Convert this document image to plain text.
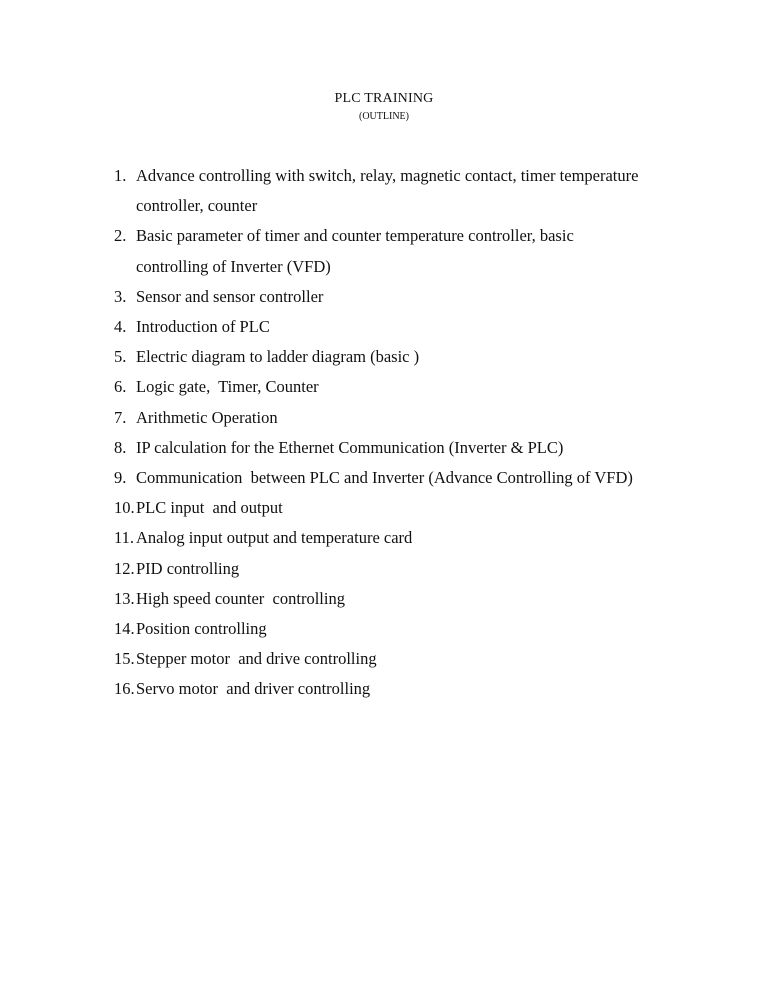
PLC TRAINING
(OUTLINE)
1. Advance controlling with switch, relay, magnetic contact, timer temperature
controller, counter
2. Basic parameter of timer and counter temperature controller, basic
controlling of Inverter (VFD)
3. Sensor and sensor controller
4. Introduction of PLC
5. Electric diagram to ladder diagram (basic )
6. Logic gate,  Timer, Counter
7. Arithmetic Operation
8. IP calculation for the Ethernet Communication (Inverter & PLC)
9. Communication  between PLC and Inverter (Advance Controlling of VFD)
10. PLC input  and output
11. Analog input output and temperature card
12. PID controlling
13. High speed counter  controlling
14. Position controlling
15. Stepper motor  and drive controlling
16. Servo motor  and driver controlling
